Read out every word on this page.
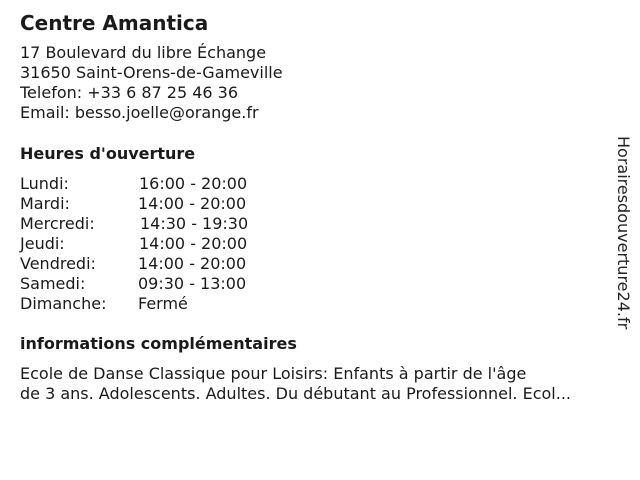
Centre Amantica
17 Boulevard du libre Échange
31650 Saint-Orens-de-Gameville
Telefon: +33 6 87 25 46 36
Email: besso.joelle@orange.fr
Heures d'ouverture
Lundi:	16:00 - 20:00
Mardi:	14:00 - 20:00
Mercredi:	14:30 - 19:30
Jeudi:	14:00 - 20:00
Vendredi:	14:00 - 20:00
Samedi:	09:30 - 13:00
Dimanche: Fermé
informations complémentaires
Ecole de Danse Classique pour Loisirs: Enfants à partir de l'âge
de 3 ans. Adolescents. Adultes. Du débutant au Professionnel. Ecol...
Horairesdouverture24.fr
